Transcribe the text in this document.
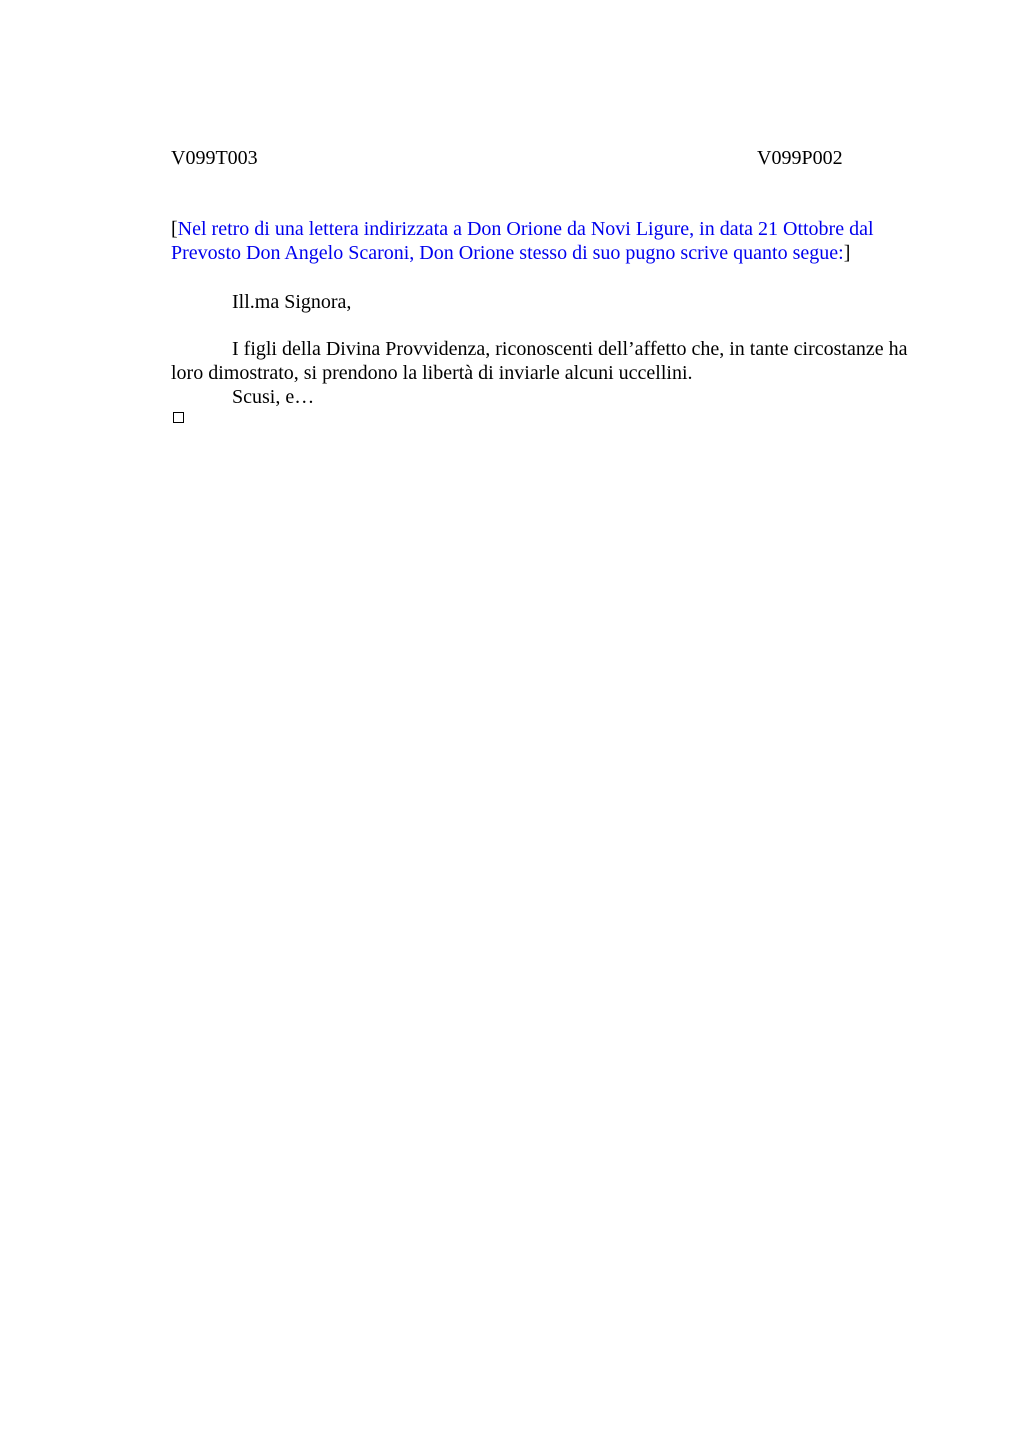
V099T003	V099P002
[Nel retro di una lettera indirizzata a Don Orione da Novi Ligure, in data 21 Ottobre dal Prevosto Don Angelo Scaroni, Don Orione stesso di suo pugno scrive quanto segue:]
Ill.ma Signora,
I figli della Divina Provvidenza, riconoscenti dell’affetto che, in tante circostanze ha loro dimostrato, si prendono la libertà di inviarle alcuni uccellini.
Scusi, e…
